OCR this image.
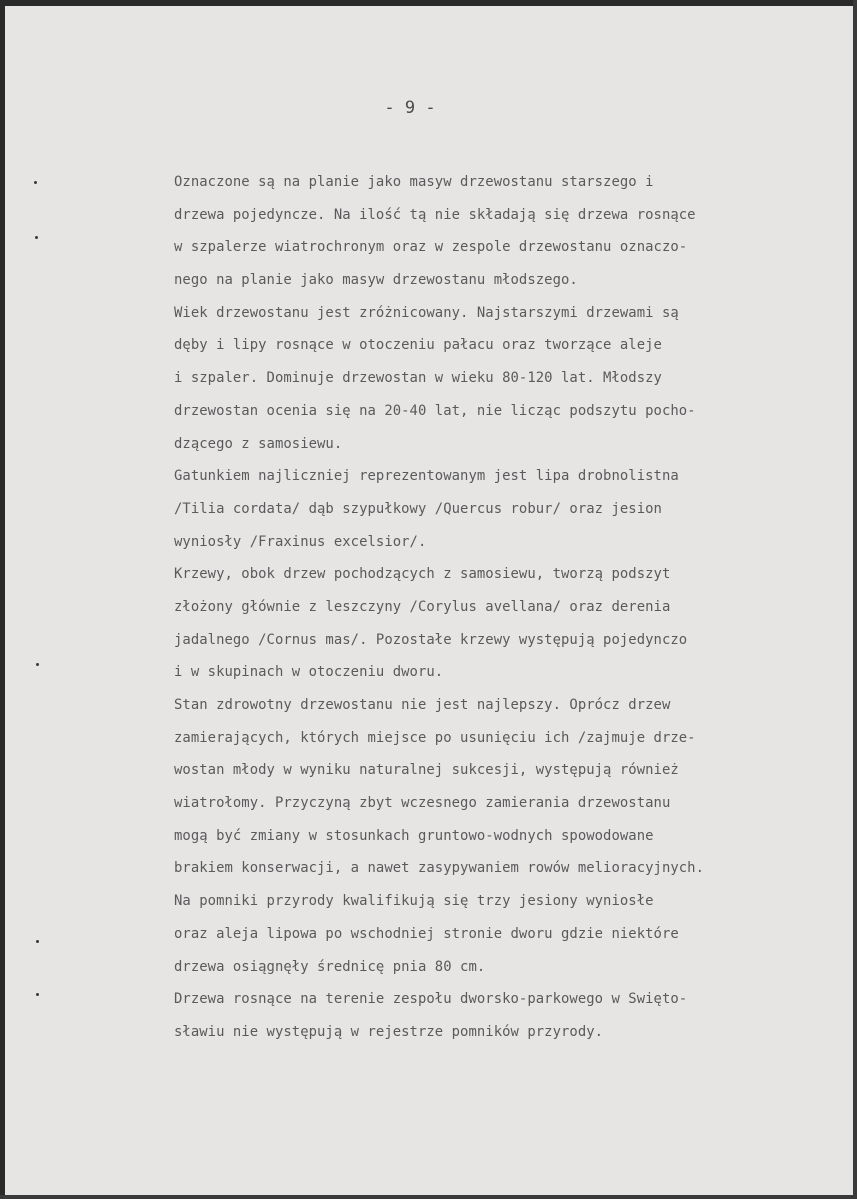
- 9 -
Oznaczone są na planie jako masyw drzewostanu starszego i
drzewa pojedyncze. Na ilość tą nie składają się drzewa rosnące
w szpalerze wiatrochronym oraz w zespole drzewostanu oznaczo-
nego na planie jako masyw drzewostanu młodszego.
Wiek drzewostanu jest zróżnicowany. Najstarszymi drzewami są
dęby i lipy rosnące w otoczeniu pałacu oraz tworzące aleje
i szpaler. Dominuje drzewostan w wieku 80-120 lat. Młodszy
drzewostan ocenia się na 20-40 lat, nie licząc podszytu pocho-
dzącego z samosiewu.
Gatunkiem najliczniej reprezentowanym jest lipa drobnolistna
/Tilia cordata/ dąb szypułkowy /Quercus robur/ oraz jesion
wyniosły /Fraxinus excelsior/.
Krzewy, obok drzew pochodzących z samosiewu, tworzą podszyt
złożony głównie z leszczyny /Corylus avellana/ oraz derenia
jadalnego /Cornus mas/. Pozostałe krzewy występują pojedynczo
i w skupinach w otoczeniu dworu.
Stan zdrowotny drzewostanu nie jest najlepszy. Oprócz drzew
zamierających, których miejsce po usunięciu ich /zajmuje drze-
wostan młody w wyniku naturalnej sukcesji, występują również
wiatrołomy. Przyczyną zbyt wczesnego zamierania drzewostanu
mogą być zmiany w stosunkach gruntowo-wodnych spowodowane
brakiem konserwacji, a nawet zasypywaniem rowów melioracyjnych.
Na pomniki przyrody kwalifikują się trzy jesiony wyniosłe
oraz aleja lipowa po wschodniej stronie dworu gdzie niektóre
drzewa osiągnęły średnicę pnia 80 cm.
Drzewa rosnące na terenie zespołu dworsko-parkowego w Swięto-
sławiu nie występują w rejestrze pomników przyrody.
